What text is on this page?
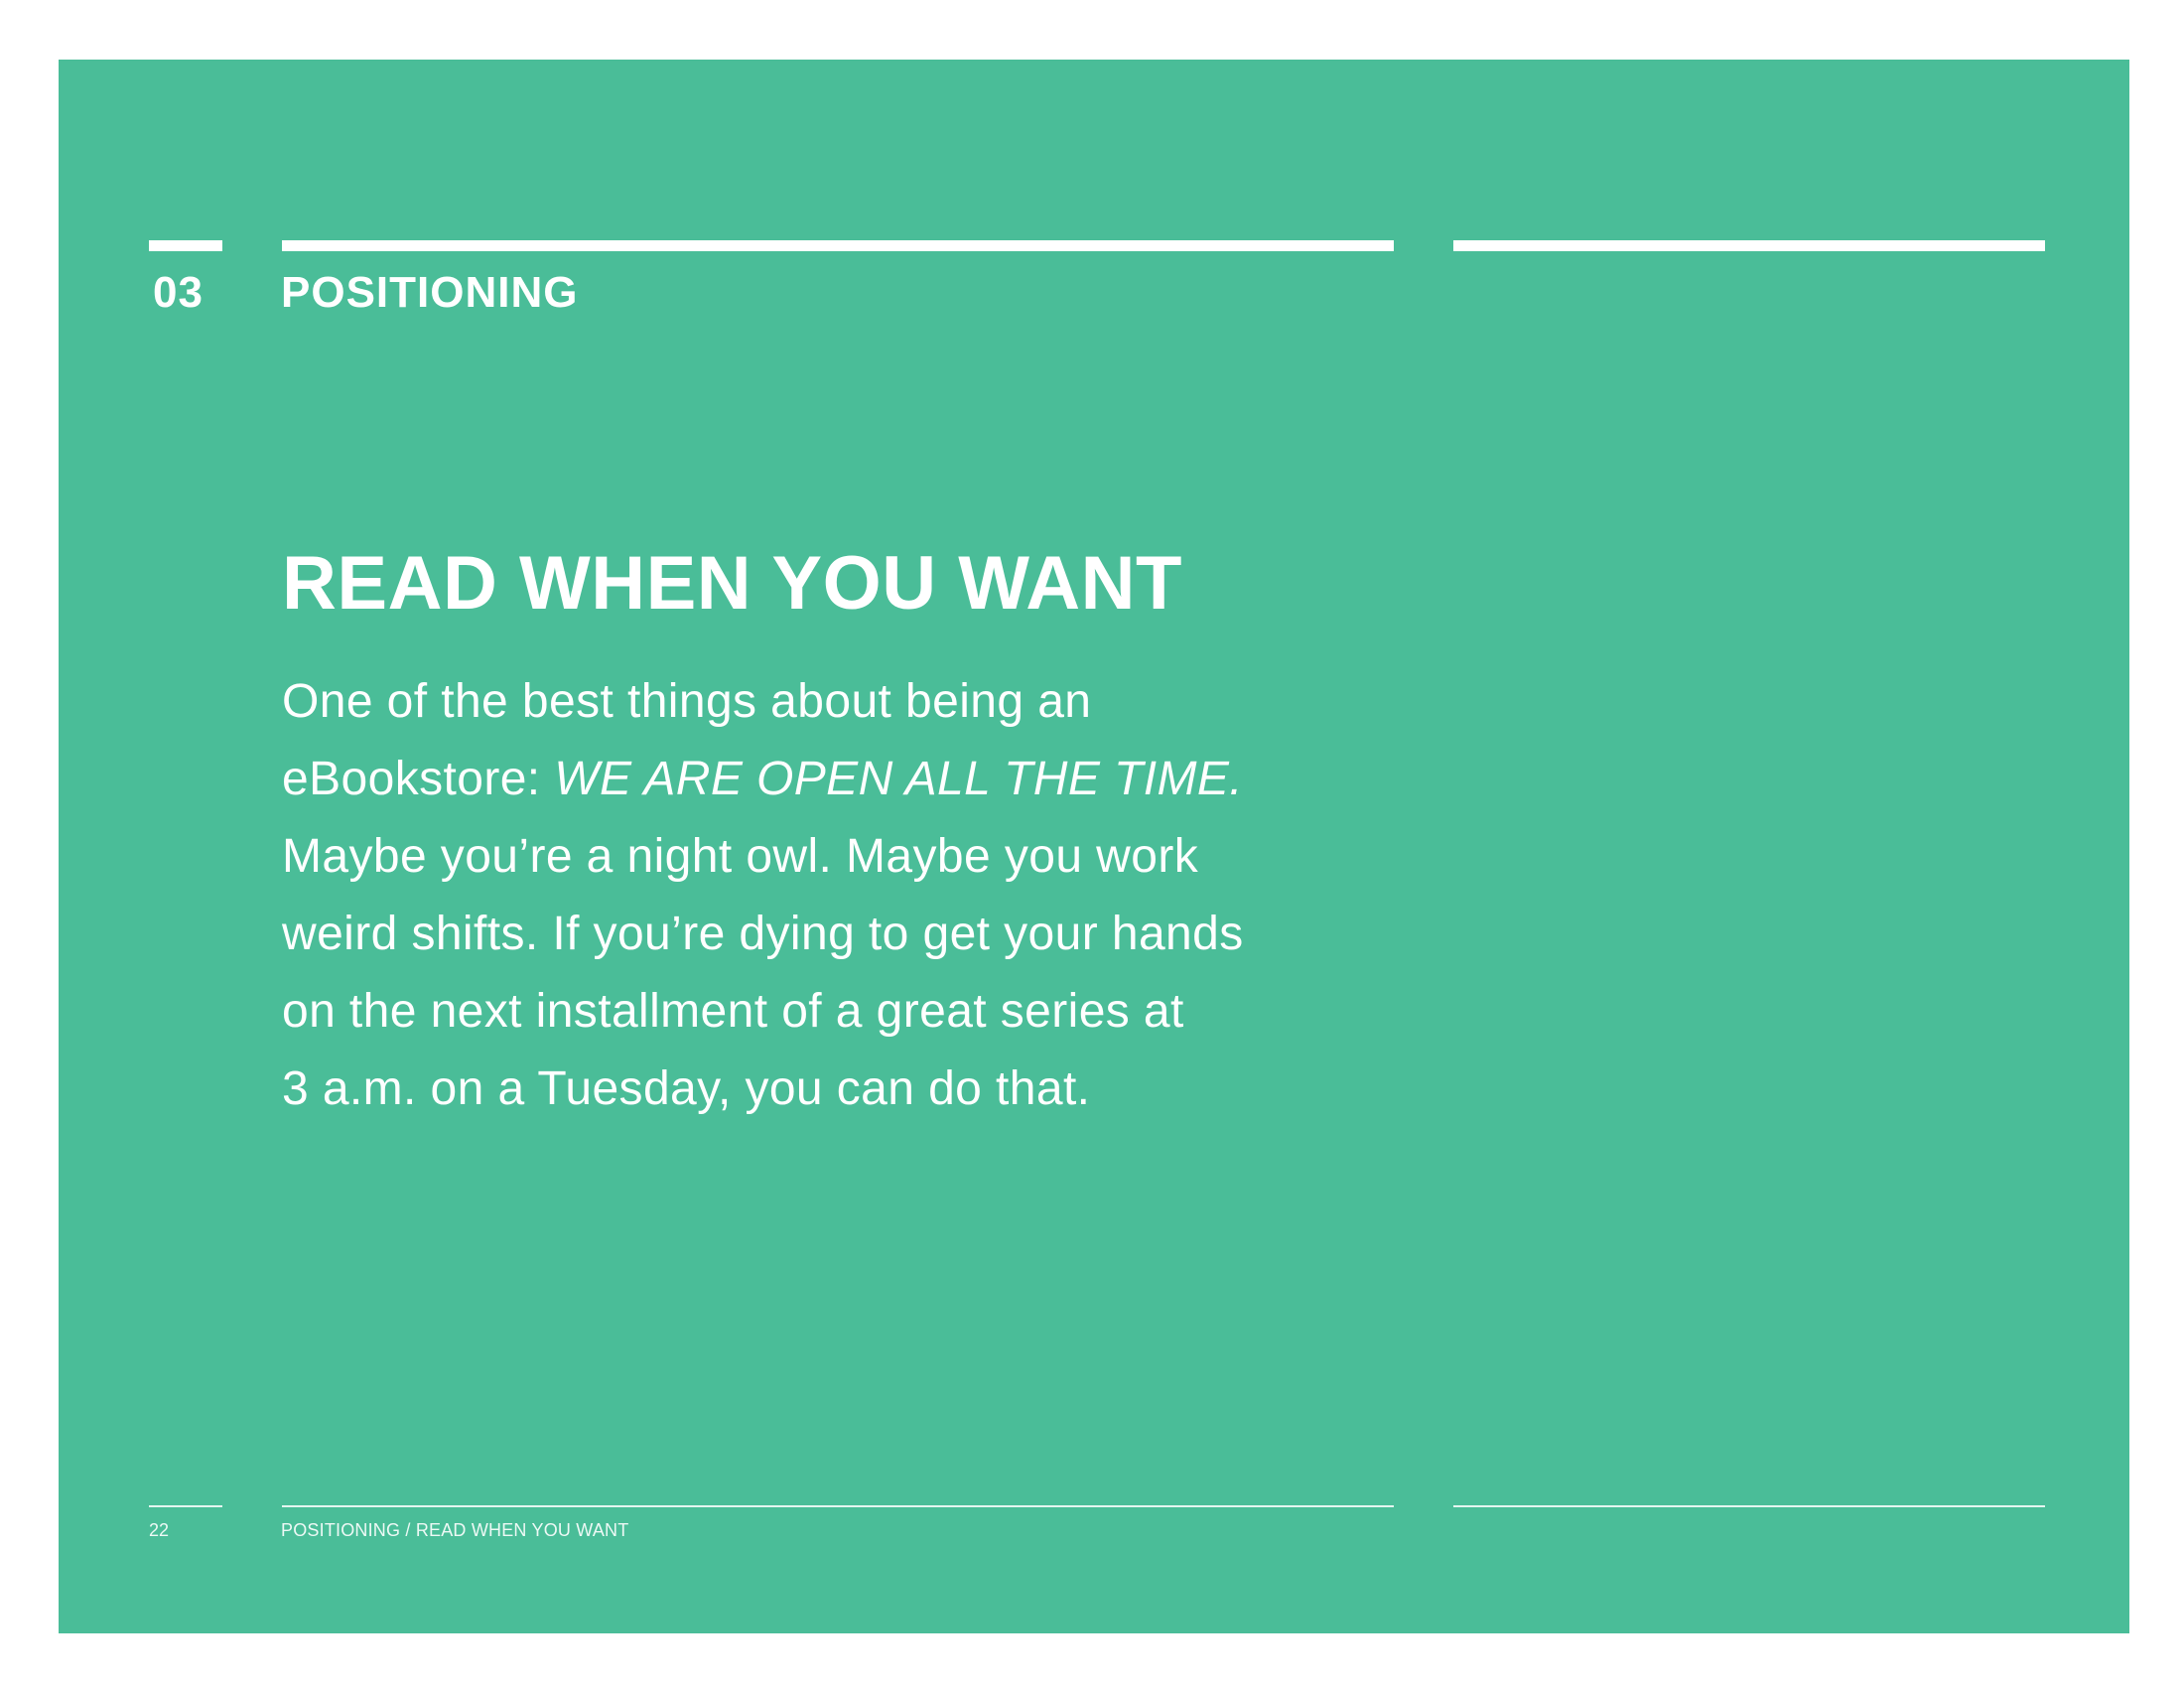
03 POSITIONING
READ WHEN YOU WANT
One of the best things about being an
eBookstore: WE ARE OPEN ALL THE TIME.
Maybe you’re a night owl. Maybe you work
weird shifts. If you’re dying to get your hands
on the next installment of a great series at
3 a.m. on a Tuesday, you can do that.
22	POSITIONING / READ WHEN YOU WANT
